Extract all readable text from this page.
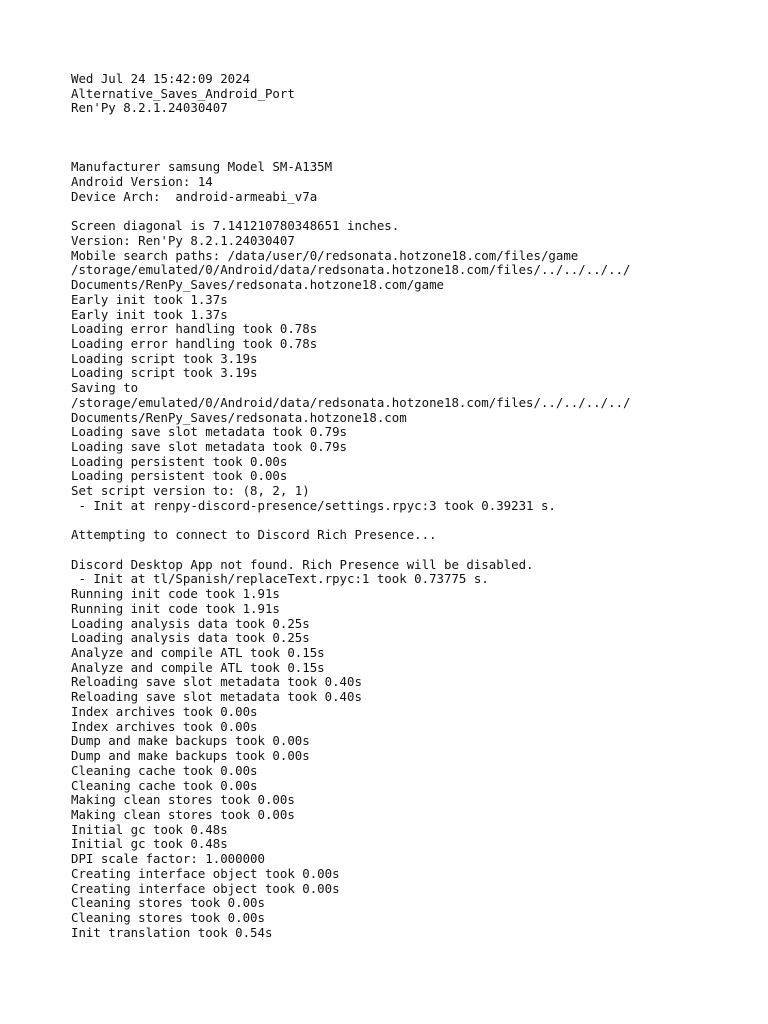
Wed Jul 24 15:42:09 2024
Alternative_Saves_Android_Port
Ren'Py 8.2.1.24030407
Manufacturer samsung Model SM-A135M
Android Version: 14
Device Arch:  android-armeabi_v7a
Screen diagonal is 7.141210780348651 inches.
Version: Ren'Py 8.2.1.24030407
Mobile search paths: /data/user/0/redsonata.hotzone18.com/files/game
/storage/emulated/0/Android/data/redsonata.hotzone18.com/files/../../../../
Documents/RenPy_Saves/redsonata.hotzone18.com/game
Early init took 1.37s
Early init took 1.37s
Loading error handling took 0.78s
Loading error handling took 0.78s
Loading script took 3.19s
Loading script took 3.19s
Saving to
/storage/emulated/0/Android/data/redsonata.hotzone18.com/files/../../../../
Documents/RenPy_Saves/redsonata.hotzone18.com
Loading save slot metadata took 0.79s
Loading save slot metadata took 0.79s
Loading persistent took 0.00s
Loading persistent took 0.00s
Set script version to: (8, 2, 1)
- Init at renpy-discord-presence/settings.rpyc:3 took 0.39231 s.
Attempting to connect to Discord Rich Presence...
Discord Desktop App not found. Rich Presence will be disabled.
- Init at tl/Spanish/replaceText.rpyc:1 took 0.73775 s.
Running init code took 1.91s
Running init code took 1.91s
Loading analysis data took 0.25s
Loading analysis data took 0.25s
Analyze and compile ATL took 0.15s
Analyze and compile ATL took 0.15s
Reloading save slot metadata took 0.40s
Reloading save slot metadata took 0.40s
Index archives took 0.00s
Index archives took 0.00s
Dump and make backups took 0.00s
Dump and make backups took 0.00s
Cleaning cache took 0.00s
Cleaning cache took 0.00s
Making clean stores took 0.00s
Making clean stores took 0.00s
Initial gc took 0.48s
Initial gc took 0.48s
DPI scale factor: 1.000000
Creating interface object took 0.00s
Creating interface object took 0.00s
Cleaning stores took 0.00s
Cleaning stores took 0.00s
Init translation took 0.54s
